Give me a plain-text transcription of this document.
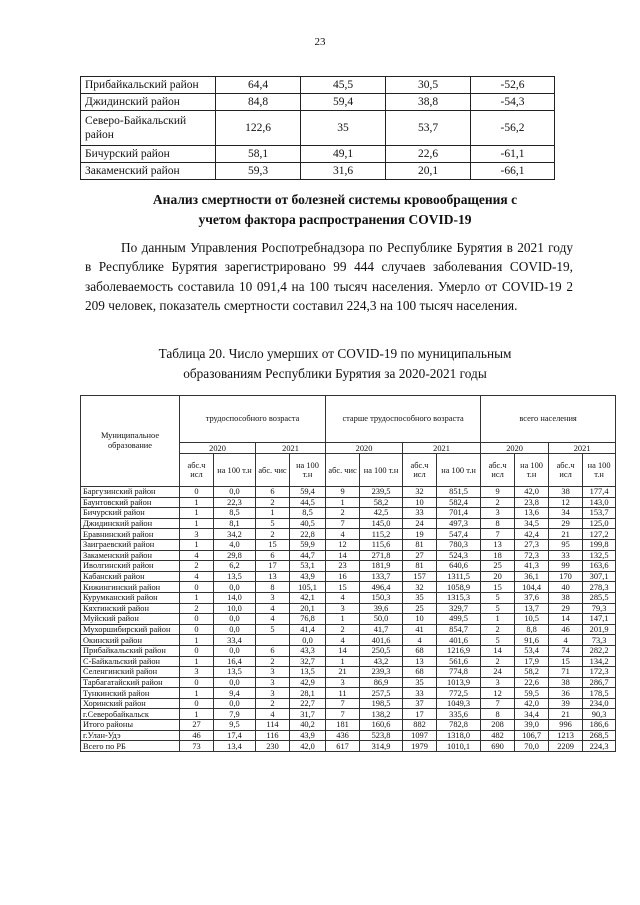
23
Прибайкальский район	64,4	45,5	30,5	-52,6
Джидинский район	84,8	59,4	38,8	-54,3
Северо-Байкальский район	122,6	35	53,7	-56,2
Бичурский район	58,1	49,1	22,6	-61,1
Закаменский район	59,3	31,6	20,1	-66,1
Анализ смертности от болезней системы кровообращения с
учетом фактора распространения COVID-19

По данным Управления Роспотребнадзора по Республике Бурятия в 2021 году в Республике Бурятия зарегистрировано 99 444 случаев заболевания COVID-19, заболеваемость составила 10 091,4 на 100 тысяч населения. Умерло от COVID-19 2 209 человек, показатель смертности составил 224,3 на 100 тысяч населения.

Таблица 20. Число умерших от COVID-19 по муниципальным
образованиям Республики Бурятия за 2020-2021 годы
Муниципальное образование	трудоспособного возраста				старше трудоспособного возраста				всего населения			
	2020		2021		2020		2021		2020		2021	
	абс.ч исл	на 100 т.н	абс. чис	на 100 т.н	абс. чис	на 100 т.н	абс.ч исл	на 100 т.н	абс.ч исл	на 100 т.н	абс.ч исл	на 100 т.н
Баргузинский район	0	0,0	6	59,4	9	239,5	32	851,5	9	42,0	38	177,4
Баунтовский район	1	22,3	2	44,5	1	58,2	10	582,4	2	23,8	12	143,0
Бичурский район	1	8,5	1	8,5	2	42,5	33	701,4	3	13,6	34	153,7
Джидинский район	1	8,1	5	40,5	7	145,0	24	497,3	8	34,5	29	125,0
Еравнинский район	3	34,2	2	22,8	4	115,2	19	547,4	7	42,4	21	127,2
Заиграевский район	1	4,0	15	59,9	12	115,6	81	780,3	13	27,3	95	199,8
Закаменский район	4	29,8	6	44,7	14	271,8	27	524,3	18	72,3	33	132,5
Иволгинский район	2	6,2	17	53,1	23	181,9	81	640,6	25	41,3	99	163,6
Кабанский район	4	13,5	13	43,9	16	133,7	157	1311,5	20	36,1	170	307,1
Кижингинский район	0	0,0	8	105,1	15	496,4	32	1058,9	15	104,4	40	278,3
Курумканский район	1	14,0	3	42,1	4	150,3	35	1315,3	5	37,6	38	285,5
Кяхтинский район	2	10,0	4	20,1	3	39,6	25	329,7	5	13,7	29	79,3
Муйский район	0	0,0	4	76,8	1	50,0	10	499,5	1	10,5	14	147,1
Мухоршибирский район	0	0,0	5	41,4	2	41,7	41	854,7	2	8,8	46	201,9
Окинский район	1	33,4		0,0	4	401,6	4	401,6	5	91,6	4	73,3
Прибайкальский район	0	0,0	6	43,3	14	250,5	68	1216,9	14	53,4	74	282,2
С-Байкальский район	1	16,4	2	32,7	1	43,2	13	561,6	2	17,9	15	134,2
Селенгинский район	3	13,5	3	13,5	21	239,3	68	774,8	24	58,2	71	172,3
Тарбагатайский район	0	0,0	3	42,9	3	86,9	35	1013,9	3	22,6	38	286,7
Тункинский район	1	9,4	3	28,1	11	257,5	33	772,5	12	59,5	36	178,5
Хоринский район	0	0,0	2	22,7	7	198,5	37	1049,3	7	42,0	39	234,0
г.Северобайкальск	1	7,9	4	31,7	7	138,2	17	335,6	8	34,4	21	90,3
Итого районы	27	9,5	114	40,2	181	160,6	882	782,8	208	39,0	996	186,6
г.Улан-Удэ	46	17,4	116	43,9	436	523,8	1097	1318,0	482	106,7	1213	268,5
Всего по РБ	73	13,4	230	42,0	617	314,9	1979	1010,1	690	70,0	2209	224,3
